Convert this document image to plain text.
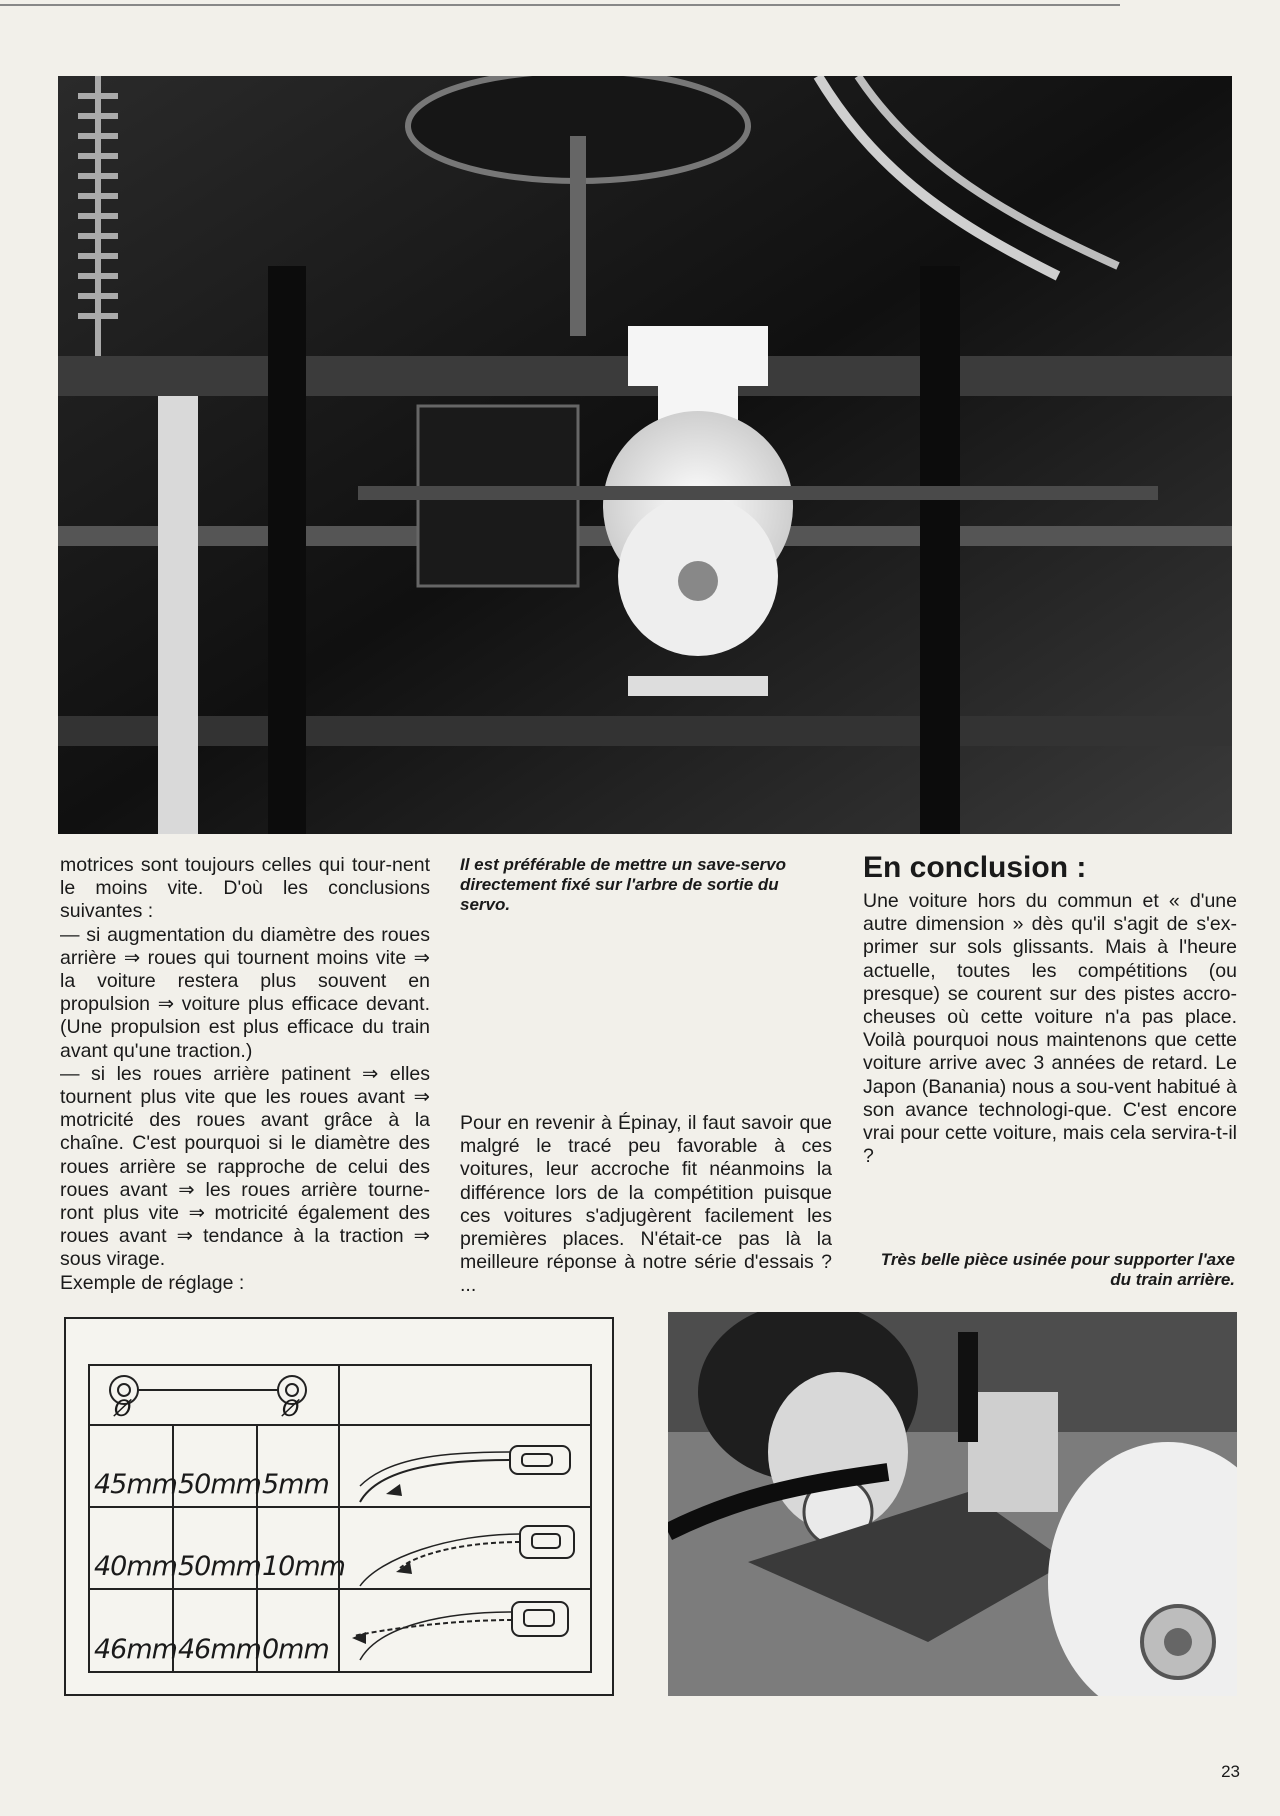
motrices sont toujours celles qui tour-nent le moins vite. D'où les conclusions suivantes :

— si augmentation du diamètre des roues arrière ⇒ roues qui tournent moins vite ⇒ la voiture restera plus souvent en propulsion ⇒ voiture plus efficace devant. (Une propulsion est plus efficace du train avant qu'une traction.)

— si les roues arrière patinent ⇒ elles tournent plus vite que les roues avant ⇒ motricité des roues avant grâce à la chaîne. C'est pourquoi si le diamètre des roues arrière se rapproche de celui des roues avant ⇒ les roues arrière tourne-ront plus vite ⇒ motricité également des roues avant ⇒ tendance à la traction ⇒ sous virage.

Exemple de réglage :

Il est préférable de mettre un save-servo directement fixé sur l'arbre de sortie du servo.
Pour en revenir à Épinay, il faut savoir que malgré le tracé peu favorable à ces voitures, leur accroche fit néanmoins la différence lors de la compétition puisque ces voitures s'adjugèrent facilement les premières places. N'était-ce pas là la meilleure réponse à notre série d'essais ? ...
En conclusion :
Une voiture hors du commun et « d'une autre dimension » dès qu'il s'agit de s'ex-primer sur sols glissants. Mais à l'heure actuelle, toutes les compétitions (ou presque) se courent sur des pistes accro-cheuses où cette voiture n'a pas place. Voilà pourquoi nous maintenons que cette voiture arrive avec 3 années de retard. Le Japon (Banania) nous a sou-vent habitué à son avance technologi-que. C'est encore vrai pour cette voiture, mais cela servira-t-il ?
Très belle pièce usinée pour supporter l'axe du train arrière.
Ø	Ø
45mm 50mm 5mm
40mm 50mm 10mm
46mm 46mm 0mm
23
